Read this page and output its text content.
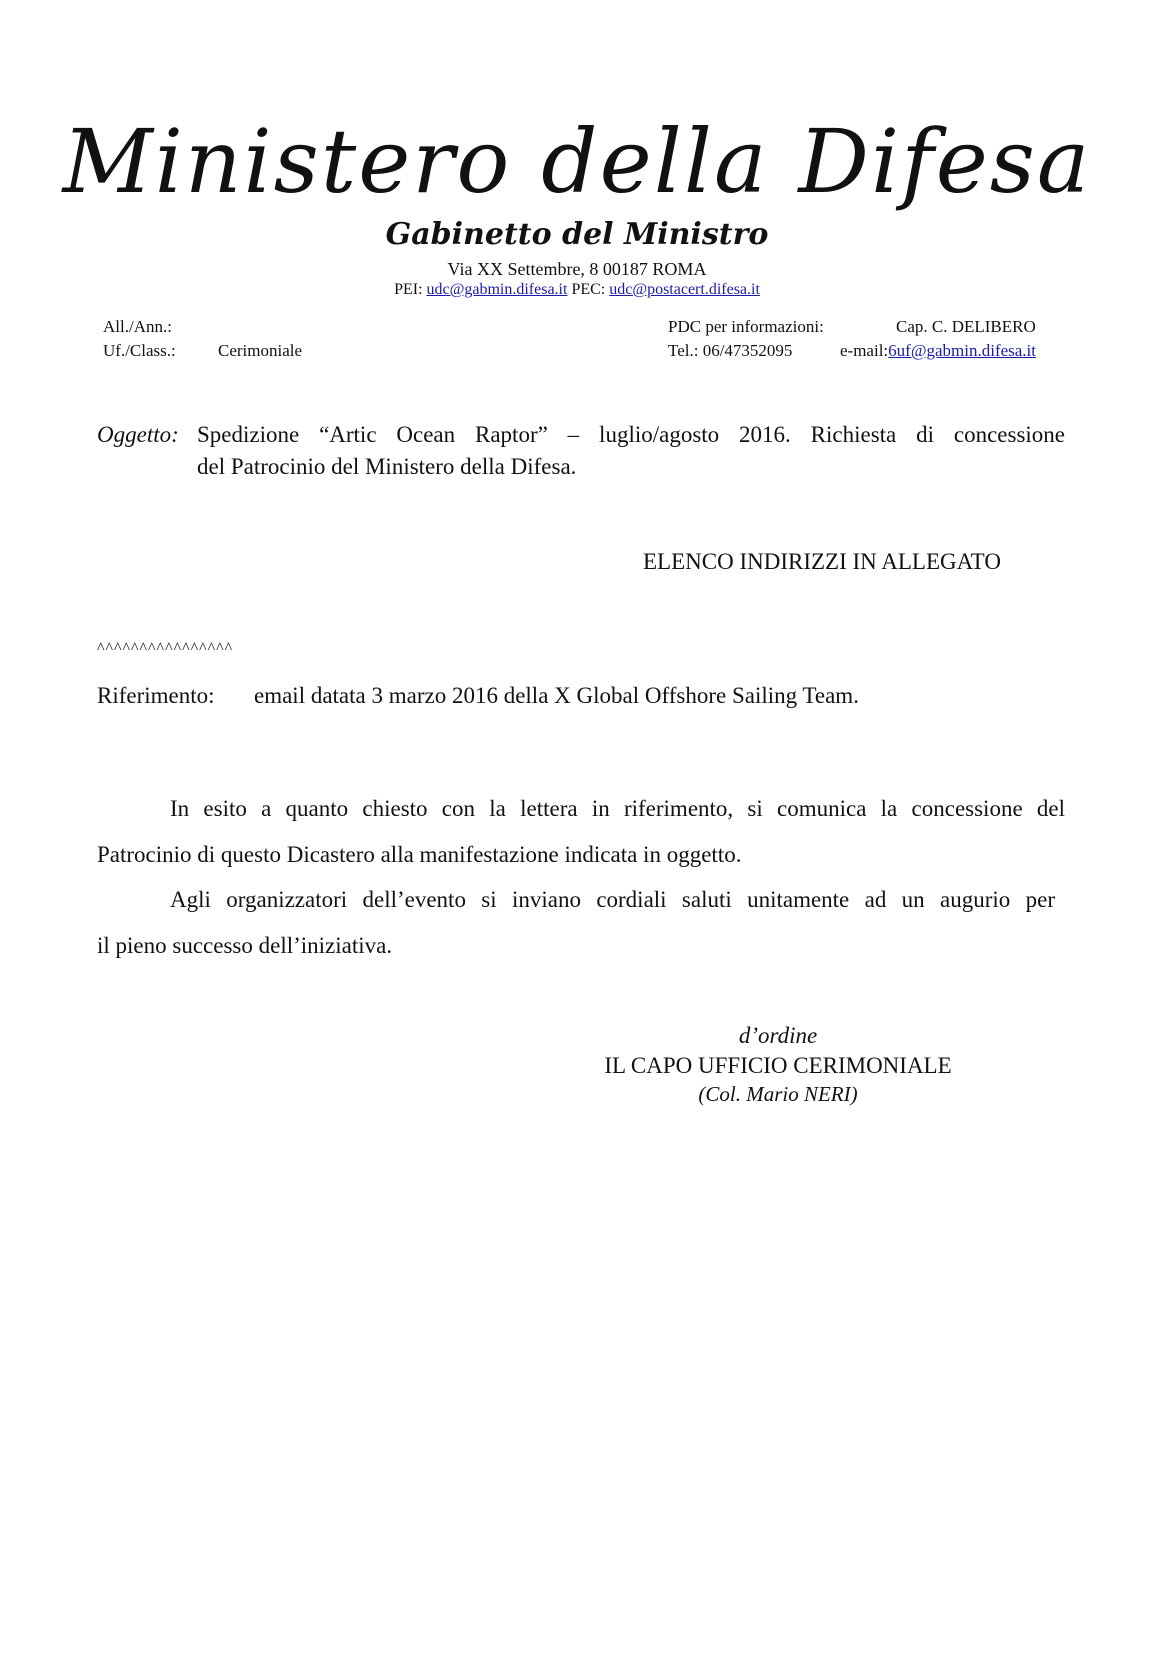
Ministero della Difesa
Gabinetto del Ministro
Via XX Settembre, 8 00187 ROMA
PEI: udc@gabmin.difesa.it PEC: udc@postacert.difesa.it
All./Ann.:
Uf./Class.: Cerimoniale
PDC per informazioni:	Cap. C. DELIBERO
Tel.: 06/47352095	e-mail:6uf@gabmin.difesa.it
Oggetto: Spedizione “Artic Ocean Raptor” – luglio/agosto 2016. Richiesta di concessione
del Patrocinio del Ministero della Difesa.
ELENCO INDIRIZZI IN ALLEGATO
^^^^^^^^^^^^^^^^
Riferimento: email datata 3 marzo 2016 della X Global Offshore Sailing Team.
In esito a quanto chiesto con la lettera in riferimento, si comunica la concessione del
Patrocinio di questo Dicastero alla manifestazione indicata in oggetto.
Agli organizzatori dell’evento si inviano cordiali saluti unitamente ad un augurio per
il pieno successo dell’iniziativa.
d’ordine
IL CAPO UFFICIO CERIMONIALE
(Col. Mario NERI)
